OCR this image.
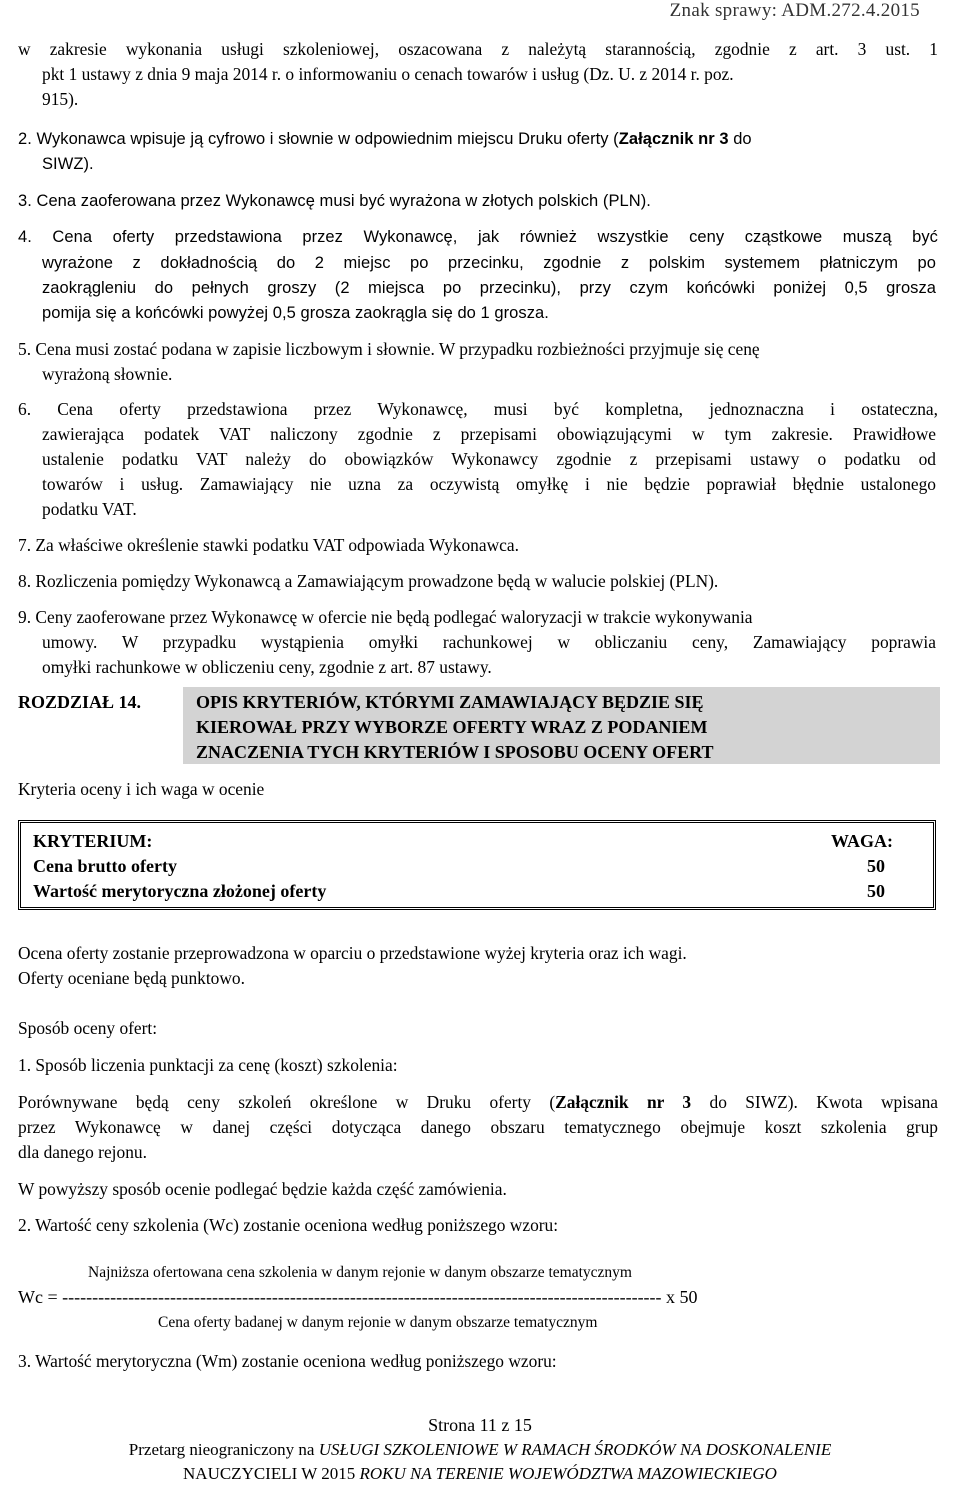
Znak sprawy: ADM.272.4.2015
w zakresie wykonania usługi szkoleniowej, oszacowana z należytą starannością, zgodnie z art. 3 ust. 1
pkt 1 ustawy z dnia 9 maja 2014 r. o informowaniu o cenach towarów i usług (Dz. U. z 2014 r. poz.
915).
2. Wykonawca wpisuje ją cyfrowo i słownie w odpowiednim miejscu Druku oferty (Załącznik nr 3 do
SIWZ).
3. Cena zaoferowana przez Wykonawcę musi być wyrażona w złotych polskich (PLN).
4. Cena oferty przedstawiona przez Wykonawcę, jak również wszystkie ceny cząstkowe muszą być
wyrażone z dokładnością do 2 miejsc po przecinku, zgodnie z polskim systemem płatniczym po
zaokrągleniu do pełnych groszy (2 miejsca po przecinku), przy czym końcówki poniżej 0,5 grosza
pomija się a końcówki powyżej 0,5 grosza zaokrągla się do 1 grosza.
5. Cena musi zostać podana w zapisie liczbowym i słownie. W przypadku rozbieżności przyjmuje się cenę
wyrażoną słownie.
6. Cena oferty przedstawiona przez Wykonawcę, musi być kompletna, jednoznaczna i ostateczna,
zawierająca podatek VAT naliczony zgodnie z przepisami obowiązującymi w tym zakresie. Prawidłowe
ustalenie podatku VAT należy do obowiązków Wykonawcy zgodnie z przepisami ustawy o podatku od
towarów i usług. Zamawiający nie uzna za oczywistą omyłkę i nie będzie poprawiał błędnie ustalonego
podatku VAT.
7. Za właściwe określenie stawki podatku VAT odpowiada Wykonawca.
8. Rozliczenia pomiędzy Wykonawcą a Zamawiającym prowadzone będą w walucie polskiej (PLN).
9. Ceny zaoferowane przez Wykonawcę w ofercie nie będą podlegać waloryzacji w trakcie wykonywania
umowy. W przypadku wystąpienia omyłki rachunkowej w obliczaniu ceny, Zamawiający poprawia
omyłki rachunkowe w obliczeniu ceny, zgodnie z art. 87 ustawy.
ROZDZIAŁ 14.	OPIS KRYTERIÓW, KTÓRYMI ZAMAWIAJĄCY BĘDZIE SIĘ
KIEROWAŁ PRZY WYBORZE OFERTY WRAZ Z PODANIEM
ZNACZENIA TYCH KRYTERIÓW I SPOSOBU OCENY OFERT
Kryteria oceny i ich waga w ocenie
KRYTERIUM:	WAGA:
Cena brutto oferty	50
Wartość merytoryczna złożonej oferty	50
Ocena oferty zostanie przeprowadzona w oparciu o przedstawione wyżej kryteria oraz ich wagi.
Oferty oceniane będą punktowo.
Sposób oceny ofert:
1. Sposób liczenia punktacji za cenę (koszt) szkolenia:
Porównywane będą ceny szkoleń określone w Druku oferty (Załącznik nr 3 do SIWZ). Kwota wpisana
przez Wykonawcę w danej części dotycząca danego obszaru tematycznego obejmuje koszt szkolenia grup
dla danego rejonu.
W powyższy sposób ocenie podlegać będzie każda część zamówienia.
2. Wartość ceny szkolenia (Wc) zostanie oceniona według poniższego wzoru:
Najniższa ofertowana cena szkolenia w danym rejonie w danym obszarze tematycznym
Wc = ---------------------------------------------------------------------------------------------------- x 50
Cena oferty badanej w danym rejonie w danym obszarze tematycznym
3. Wartość merytoryczna (Wm) zostanie oceniona według poniższego wzoru:
Strona 11 z 15
Przetarg nieograniczony na USŁUGI SZKOLENIOWE W RAMACH ŚRODKÓW NA DOSKONALENIE
NAUCZYCIELI W 2015 ROKU NA TERENIE WOJEWÓDZTWA MAZOWIECKIEGO
